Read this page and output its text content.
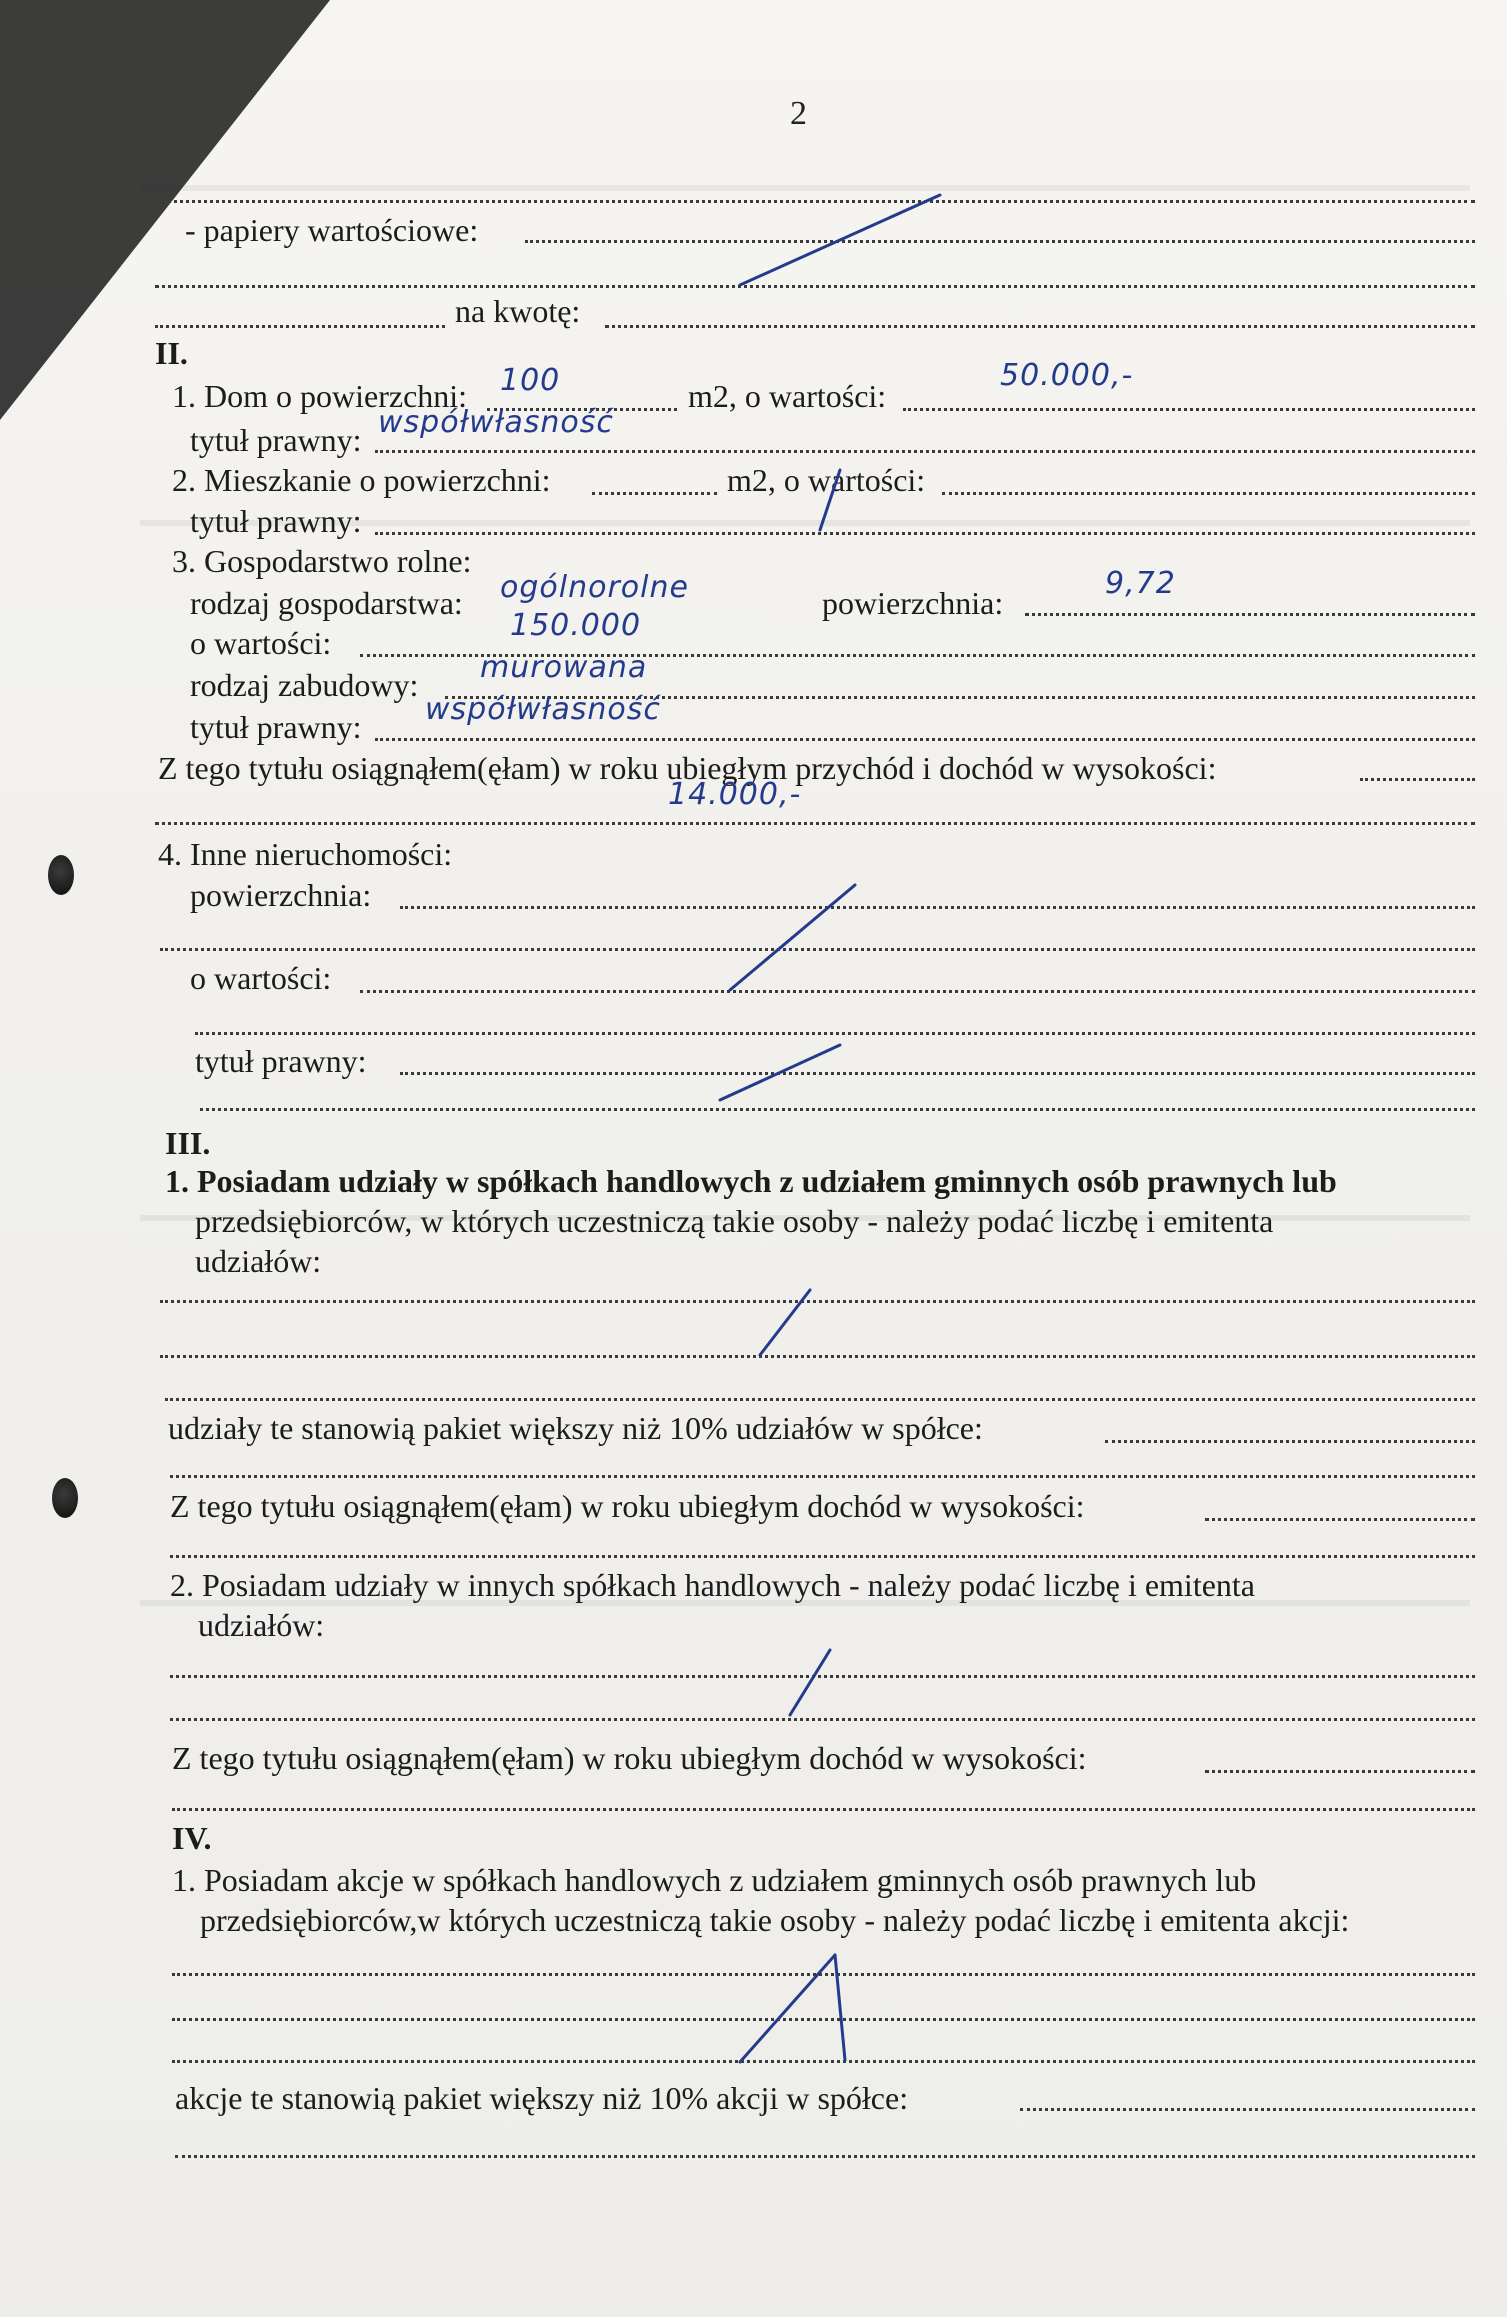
2
- papiery wartościowe:
na kwotę:
II.
1. Dom o powierzchni: 100	m2, o wartości:
50.000,-
tytuł prawny: współwłasność
2. Mieszkanie o powierzchni:	m2, o wartości:
tytuł prawny:
3. Gospodarstwo rolne:
rodzaj gospodarstwa: ogólnorolne	powierzchnia:
9,72
o wartości:	150.000
rodzaj zabudowy: murowana
tytuł prawny: współwłasność
Z tego tytułu osiągnąłem(ęłam) w roku ubiegłym przychód i dochód w wysokości:
14.000,-
4. Inne nieruchomości:
powierzchnia:
o wartości:
tytuł prawny:
III.
1. Posiadam udziały w spółkach handlowych z udziałem gminnych osób prawnych lub
przedsiębiorców, w których uczestniczą takie osoby - należy podać liczbę i emitenta
udziałów:
udziały te stanowią pakiet większy niż 10% udziałów w spółce:
Z tego tytułu osiągnąłem(ęłam) w roku ubiegłym dochód w wysokości:
2. Posiadam udziały w innych spółkach handlowych - należy podać liczbę i emitenta
udziałów:
Z tego tytułu osiągnąłem(ęłam) w roku ubiegłym dochód w wysokości:
IV.
1. Posiadam akcje w spółkach handlowych z udziałem gminnych osób prawnych lub
przedsiębiorców,w których uczestniczą takie osoby - należy podać liczbę i emitenta akcji:
akcje te stanowią pakiet większy niż 10% akcji w spółce:
